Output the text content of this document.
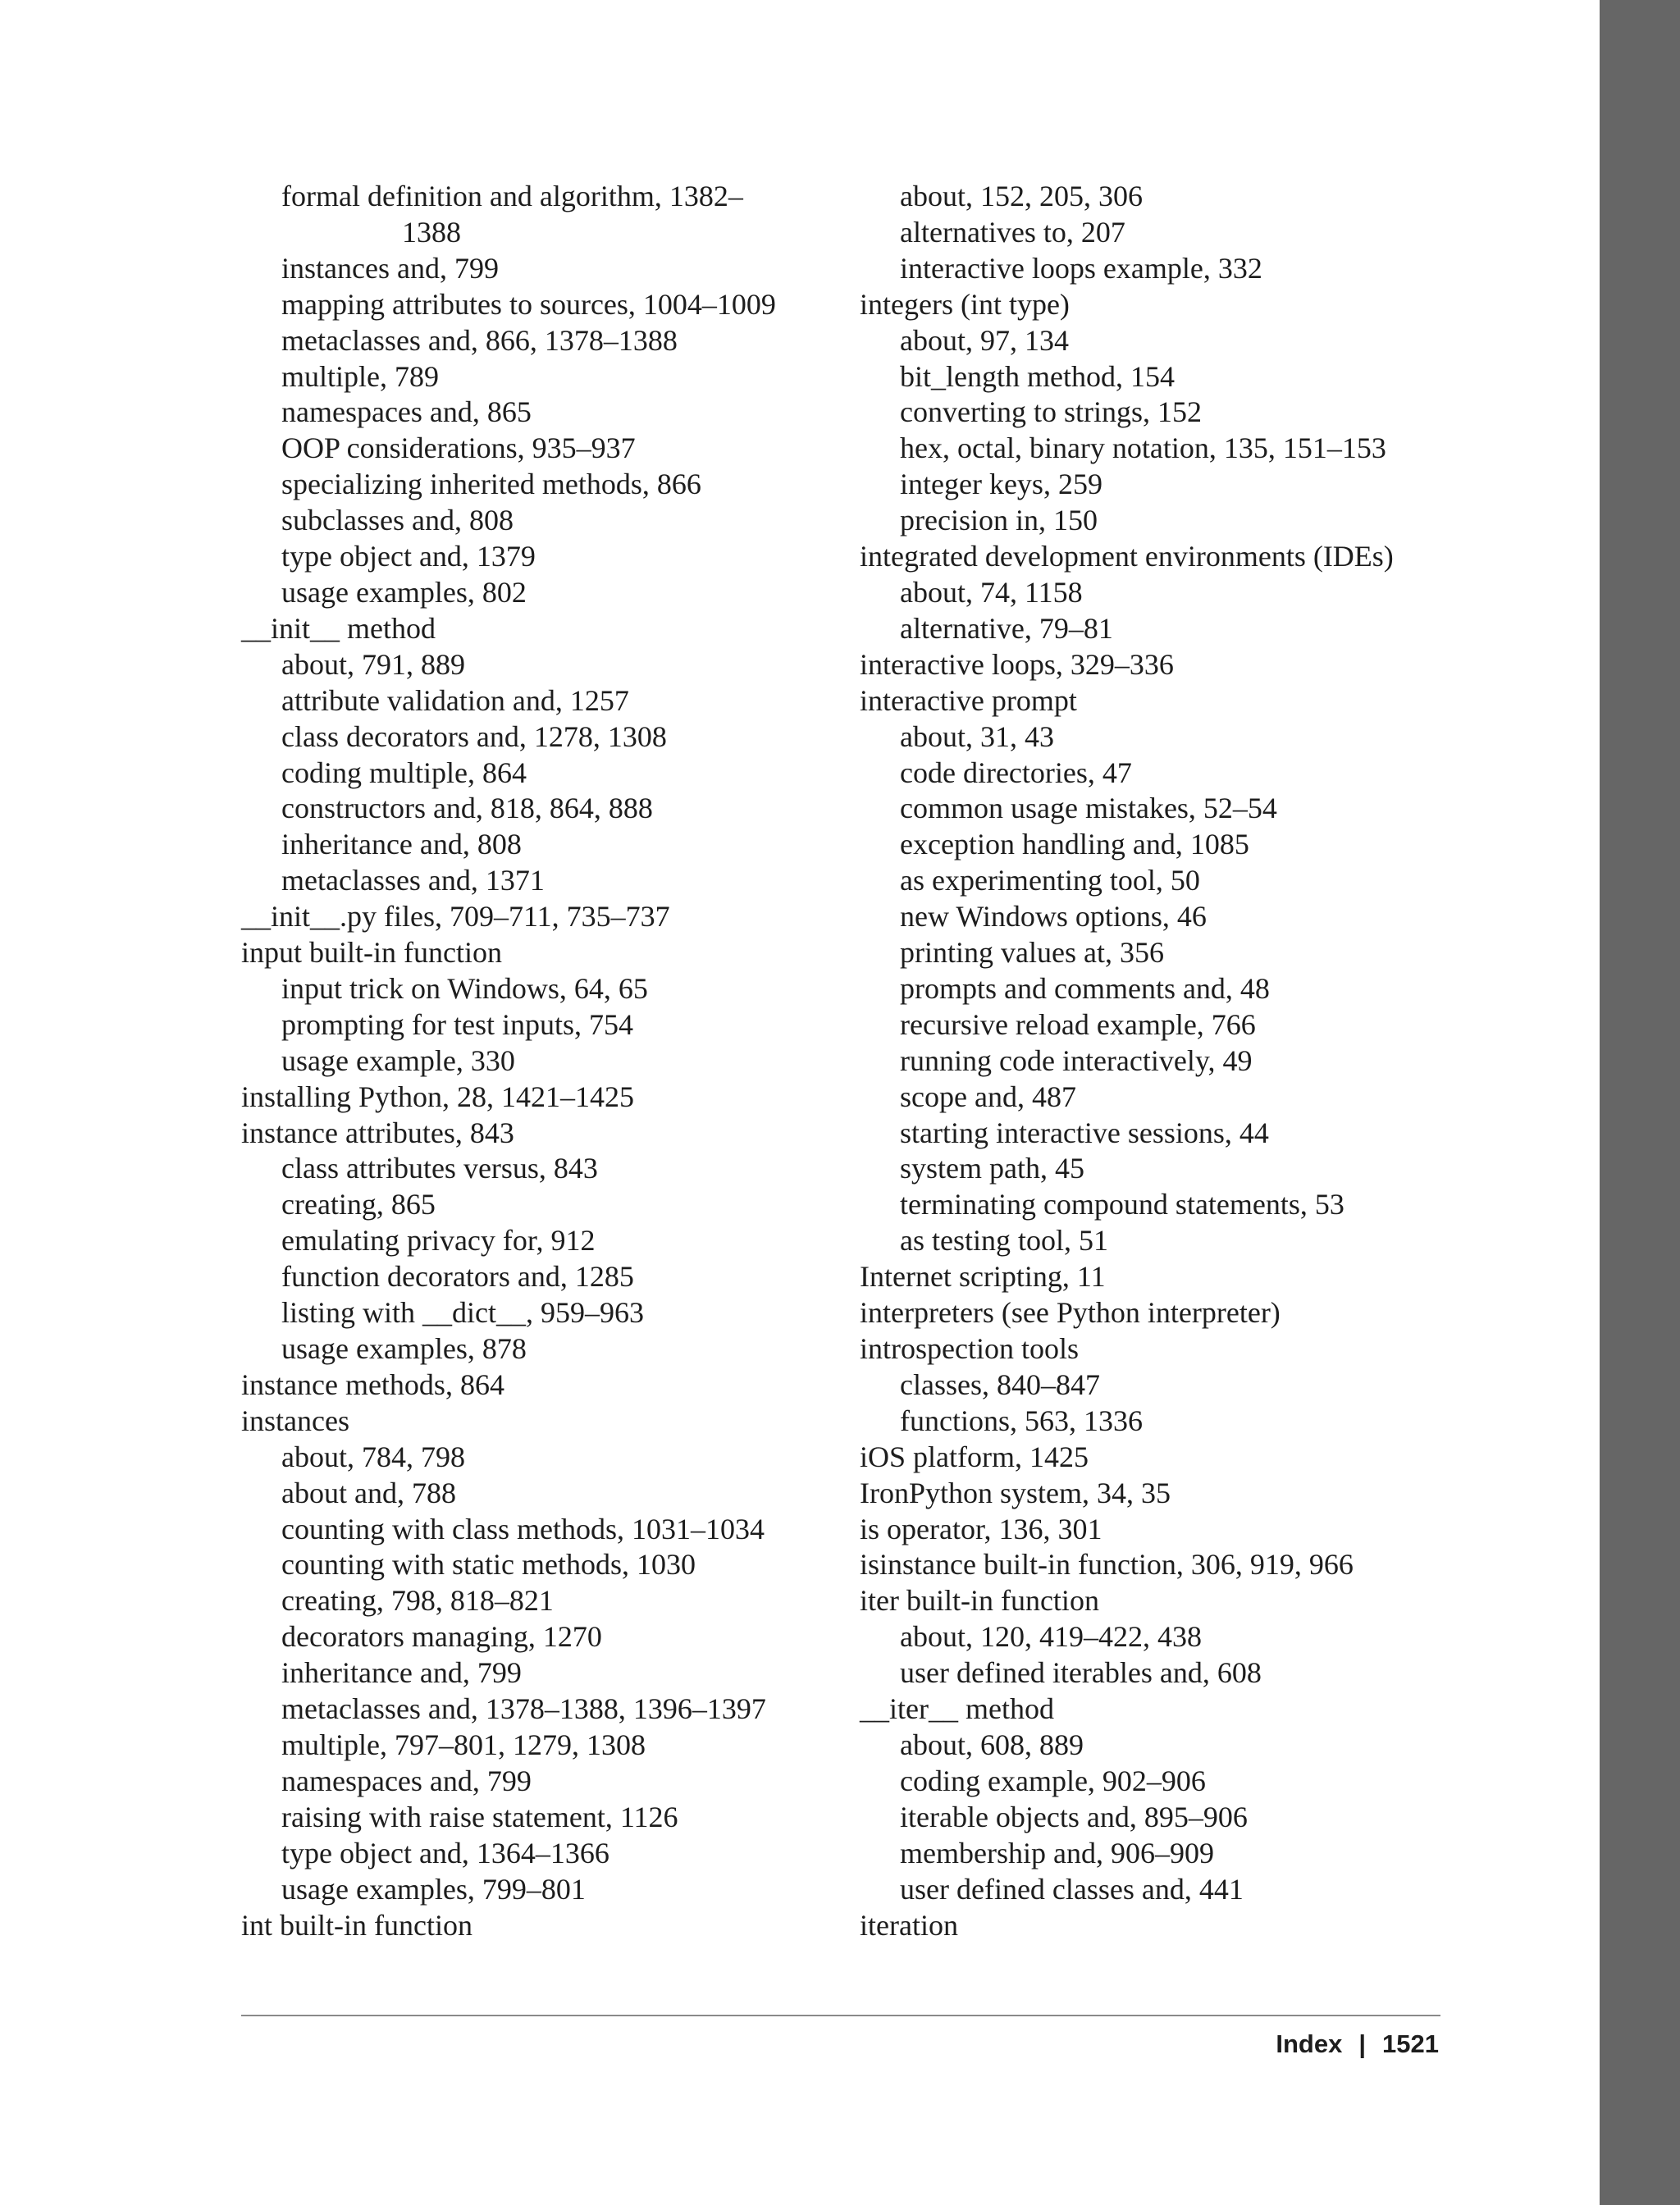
formal definition and algorithm, 1382–

1388

instances and, 799

mapping attributes to sources, 1004–1009

metaclasses and, 866, 1378–1388

multiple, 789

namespaces and, 865

OOP considerations, 935–937

specializing inherited methods, 866

subclasses and, 808

type object and, 1379

usage examples, 802

__init__ method

about, 791, 889

attribute validation and, 1257

class decorators and, 1278, 1308

coding multiple, 864

constructors and, 818, 864, 888

inheritance and, 808

metaclasses and, 1371

__init__.py files, 709–711, 735–737

input built-in function

input trick on Windows, 64, 65

prompting for test inputs, 754

usage example, 330

installing Python, 28, 1421–1425

instance attributes, 843

class attributes versus, 843

creating, 865

emulating privacy for, 912

function decorators and, 1285

listing with __dict__, 959–963

usage examples, 878

instance methods, 864

instances

about, 784, 798

about and, 788

counting with class methods, 1031–1034

counting with static methods, 1030

creating, 798, 818–821

decorators managing, 1270

inheritance and, 799

metaclasses and, 1378–1388, 1396–1397

multiple, 797–801, 1279, 1308

namespaces and, 799

raising with raise statement, 1126

type object and, 1364–1366

usage examples, 799–801

int built-in function

about, 152, 205, 306

alternatives to, 207

interactive loops example, 332

integers (int type)

about, 97, 134

bit_length method, 154

converting to strings, 152

hex, octal, binary notation, 135, 151–153

integer keys, 259

precision in, 150

integrated development environments (IDEs)

about, 74, 1158

alternative, 79–81

interactive loops, 329–336

interactive prompt

about, 31, 43

code directories, 47

common usage mistakes, 52–54

exception handling and, 1085

as experimenting tool, 50

new Windows options, 46

printing values at, 356

prompts and comments and, 48

recursive reload example, 766

running code interactively, 49

scope and, 487

starting interactive sessions, 44

system path, 45

terminating compound statements, 53

as testing tool, 51

Internet scripting, 11

interpreters (see Python interpreter)

introspection tools

classes, 840–847

functions, 563, 1336

iOS platform, 1425

IronPython system, 34, 35

is operator, 136, 301

isinstance built-in function, 306, 919, 966

iter built-in function

about, 120, 419–422, 438

user defined iterables and, 608

__iter__ method

about, 608, 889

coding example, 902–906

iterable objects and, 895–906

membership and, 906–909

user defined classes and, 441

iteration

Index | 1521
